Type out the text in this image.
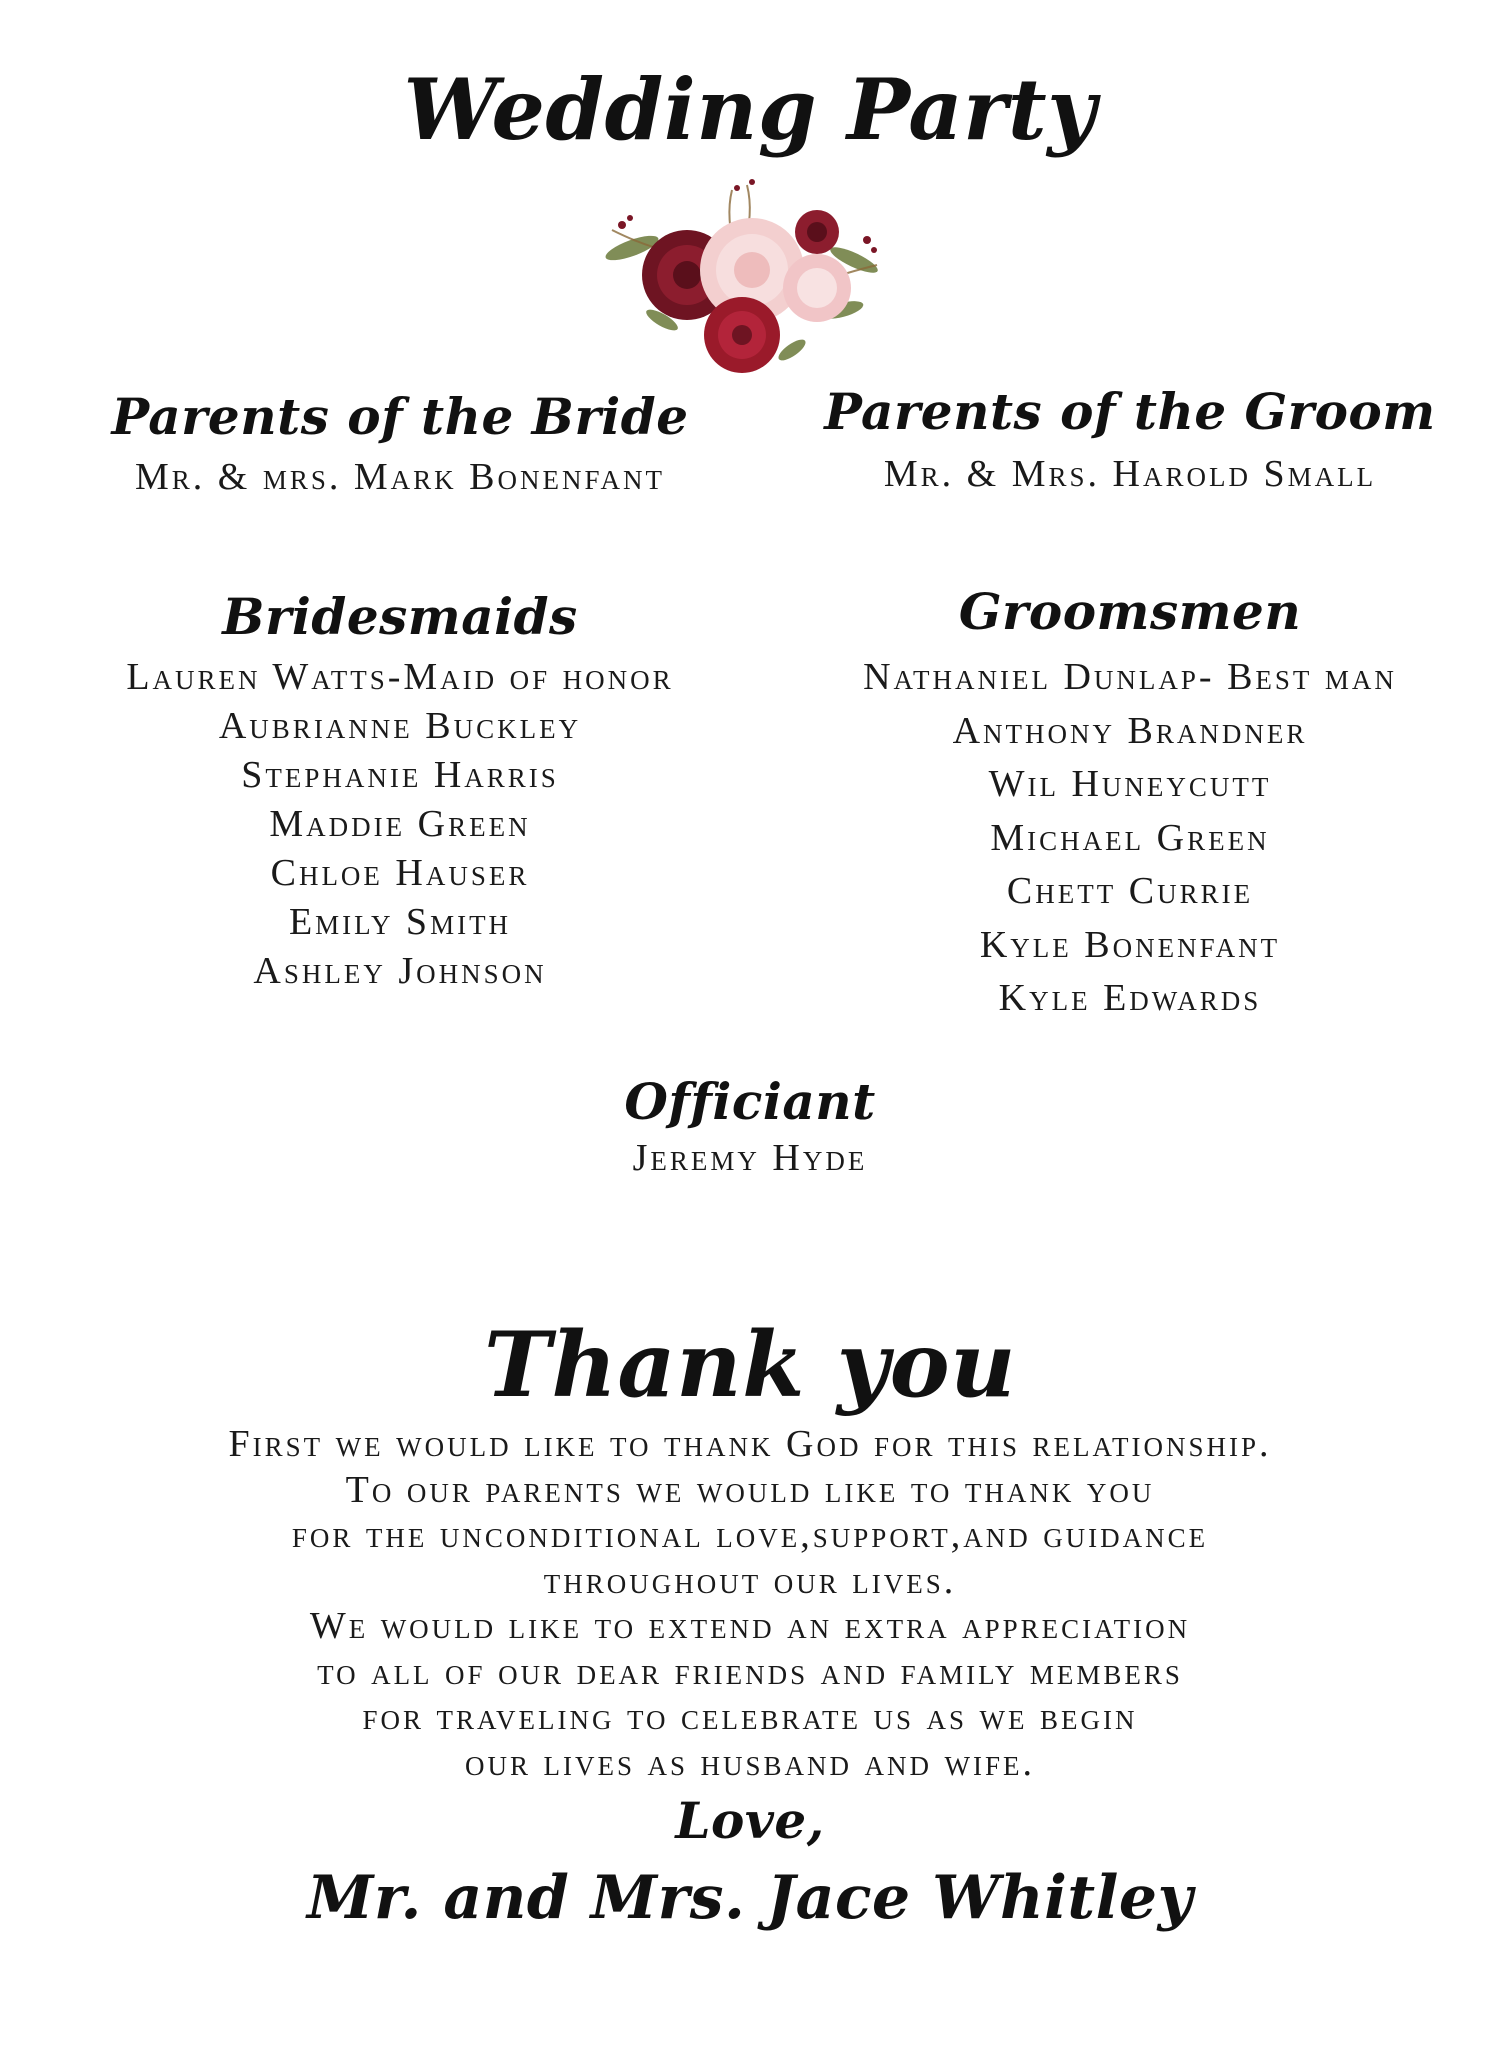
Wedding Party
Parents of the Bride
Mr. & mrs. Mark Bonenfant
Parents of the Groom
Mr. & Mrs. Harold Small
Bridesmaids
Lauren Watts-Maid of honor
Aubrianne Buckley
Stephanie Harris
Maddie Green
Chloe Hauser
Emily Smith
Ashley Johnson
Groomsmen
Nathaniel Dunlap- Best man
Anthony Brandner
Wil Huneycutt
Michael Green
Chett Currie
Kyle Bonenfant
Kyle Edwards
Officiant
Jeremy Hyde
Thank you
First we would like to thank God for this relationship.
To our parents we would like to thank you
for the unconditional love,support,and guidance
throughout our lives.
We would like to extend an extra appreciation
to all of our dear friends and family members
for traveling to celebrate us as we begin
our lives as husband and wife.
Love,
Mr. and Mrs. Jace Whitley
